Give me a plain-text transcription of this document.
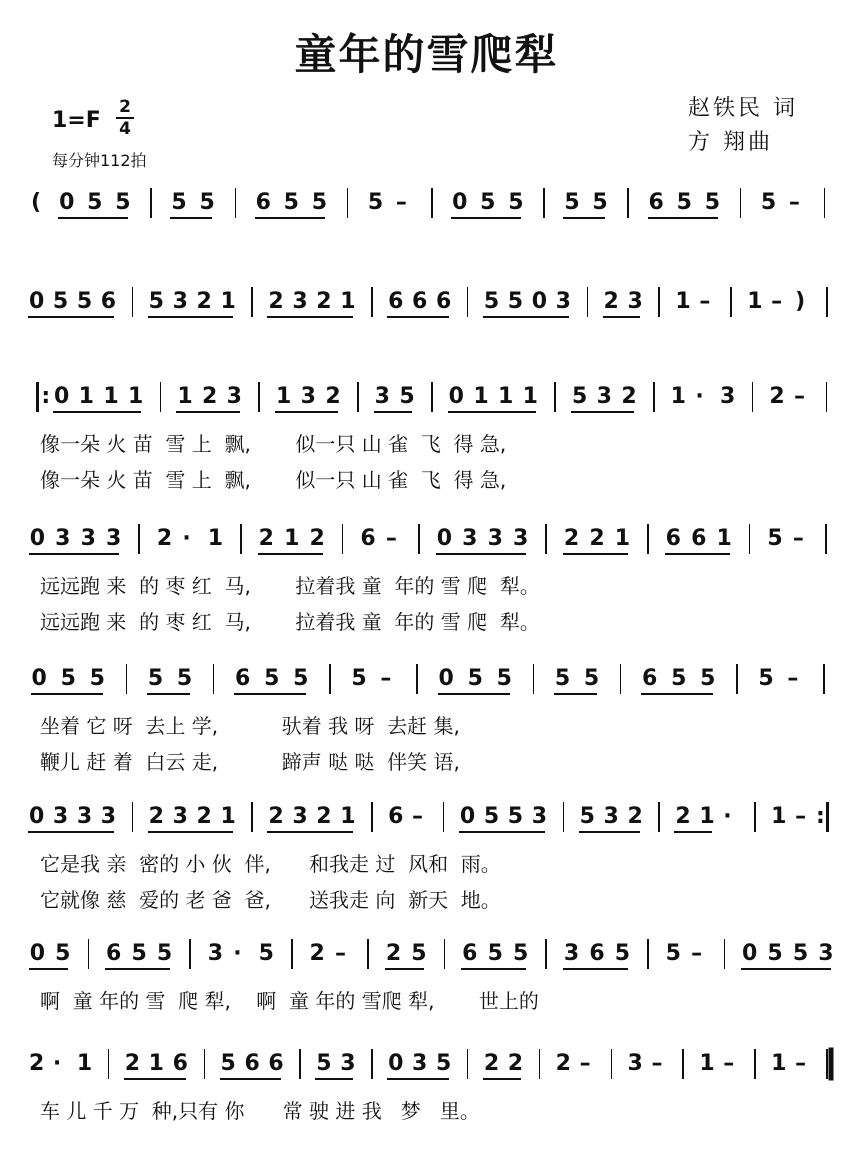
童年的雪爬犁
1=F
2
4
每分钟112拍
赵铁民 词
方 翔曲
( 0 5 5 5 5 6 5 5 5 – 0 5 5 5 5 6 5 5 5 –
0 5 5 6 5 3 2 1 2 3 2 1 6 6 6 5 5 0 3 2 3 1 – 1 – )
: 0 1 1 1 1 2 3 1 3 2 3 5 0 1 1 1 5 3 2 1 · 3 2 –
像一朵 火 苗  雪 上  飘,       似一只 山 雀  飞  得 急,
像一朵 火 苗  雪 上  飘,       似一只 山 雀  飞  得 急,
0 3 3 3 2 · 1 2 1 2 6 – 0 3 3 3 2 2 1 6 6 1 5 –
远远跑 来  的 枣 红  马,       拉着我 童  年的 雪 爬  犁。
远远跑 来  的 枣 红  马,       拉着我 童  年的 雪 爬  犁。
0 5 5 5 5 6 5 5 5 – 0 5 5 5 5 6 5 5 5 –
坐着 它 呀  去上 学,          驮着 我 呀  去赶 集,
鞭儿 赶 着  白云 走,          蹄声 哒 哒  伴笑 语,
0 3 3 3 2 3 2 1 2 3 2 1 6 – 0 5 5 3 5 3 2 2 1 · 1 – :
它是我 亲  密的 小 伙  伴,      和我走 过  风和  雨。
它就像 慈  爱的 老 爸  爸,      送我走 向  新天  地。
0 5 6 5 5 3 · 5 2 – 2 5 6 5 5 3 6 5 5 – 0 5 5 3
啊  童 年的 雪  爬 犁,    啊  童 年的 雪爬 犁,       世上的
2 · 1 2 1 6 5 6 6 5 3 0 3 5 2 2 2 – 3 – 1 – 1 –
车 儿 千 万  种,只有 你      常 驶 进 我   梦   里。
